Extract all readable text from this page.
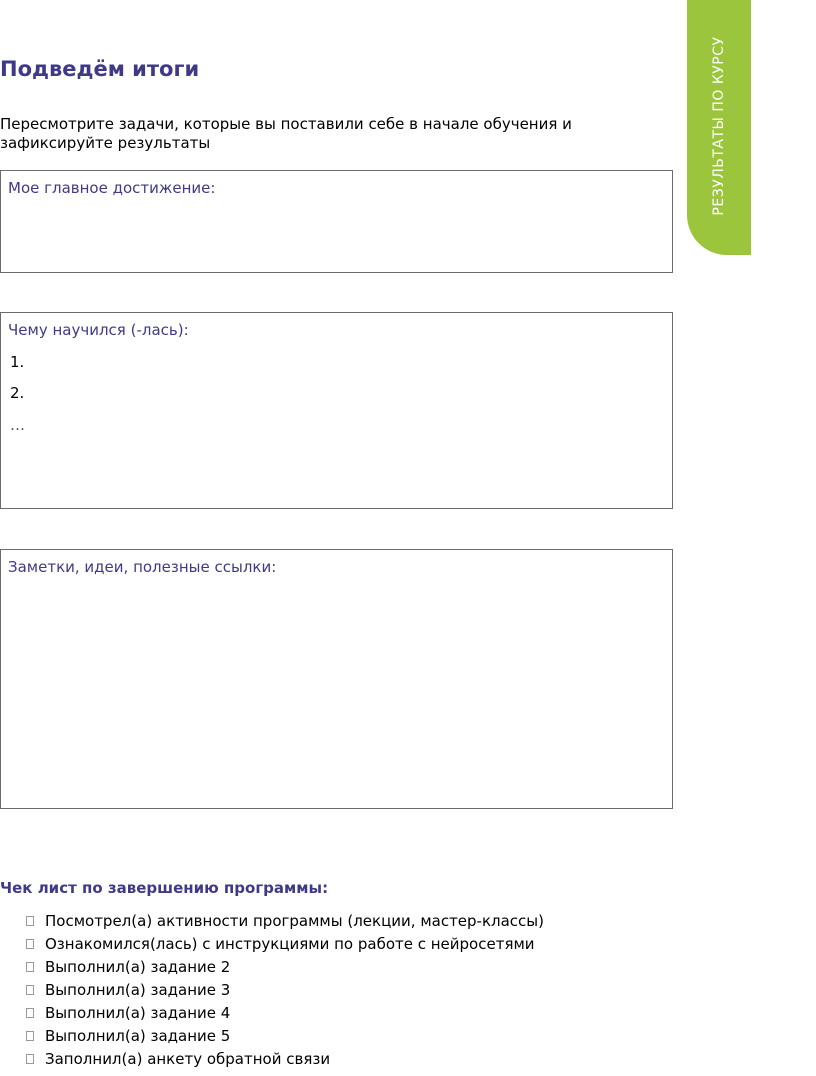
РЕЗУЛЬТАТЫ ПО КУРСУ
Подведём итоги

Пересмотрите задачи, которые вы поставили себе в начале обучения и зафиксируйте результаты

Мое главное достижение:
Чему научился (-лась):
1.
2.
…
Заметки, идеи, полезные ссылки:
Чек лист по завершению программы:
Посмотрел(а) активности программы (лекции, мастер-классы)
Ознакомился(лась) с инструкциями по работе с нейросетями
Выполнил(а) задание 2
Выполнил(а) задание 3
Выполнил(а) задание 4
Выполнил(а) задание 5
Заполнил(а) анкету обратной связи
